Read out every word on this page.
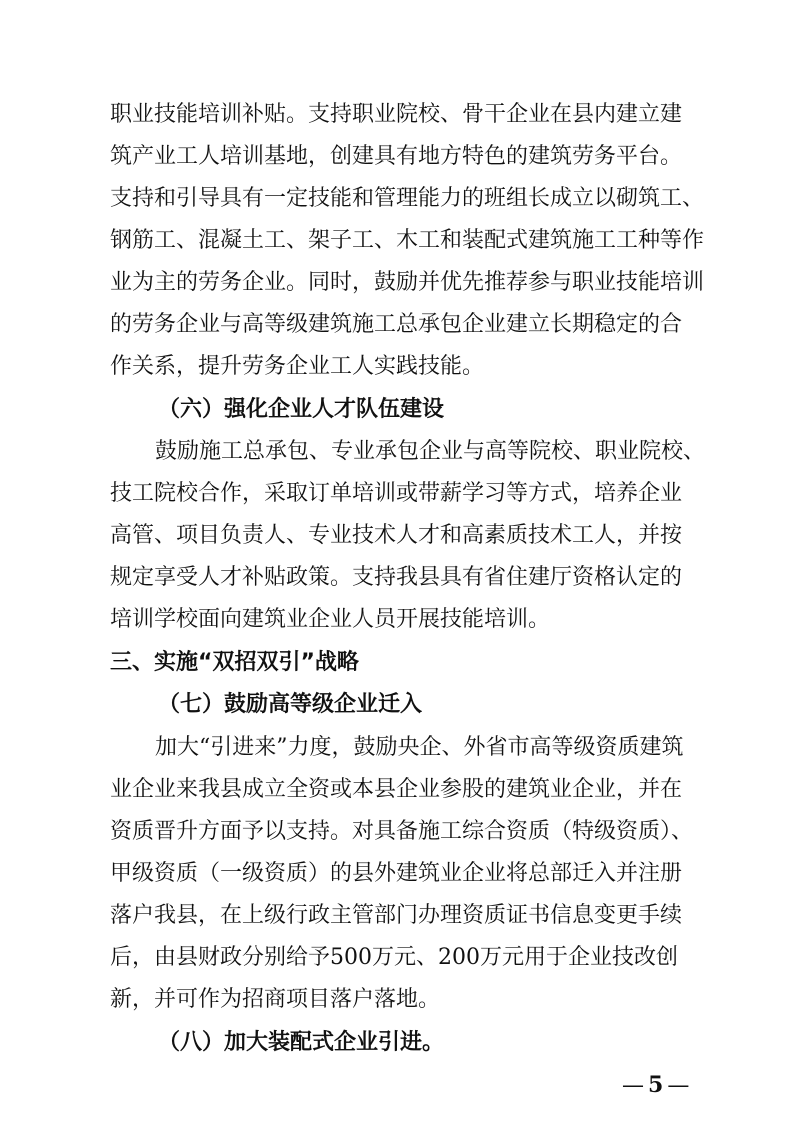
职业技能培训补贴。支持职业院校、骨干企业在县内建立建
筑产业工人培训基地，创建具有地方特色的建筑劳务平台。
支持和引导具有一定技能和管理能力的班组长成立以砌筑工、
钢筋工、混凝土工、架子工、木工和装配式建筑施工工种等作
业为主的劳务企业。同时，鼓励并优先推荐参与职业技能培训
的劳务企业与高等级建筑施工总承包企业建立长期稳定的合
作关系，提升劳务企业工人实践技能。
（六）强化企业人才队伍建设
鼓励施工总承包、专业承包企业与高等院校、职业院校、
技工院校合作，采取订单培训或带薪学习等方式，培养企业
高管、项目负责人、专业技术人才和高素质技术工人，并按
规定享受人才补贴政策。支持我县具有省住建厅资格认定的
培训学校面向建筑业企业人员开展技能培训。
三、实施“双招双引”战略
（七）鼓励高等级企业迁入
加大“引进来”力度，鼓励央企、外省市高等级资质建筑
业企业来我县成立全资或本县企业参股的建筑业企业，并在
资质晋升方面予以支持。对具备施工综合资质（特级资质）、
甲级资质（一级资质）的县外建筑业企业将总部迁入并注册
落户我县，在上级行政主管部门办理资质证书信息变更手续
后，由县财政分别给予500万元、200万元用于企业技改创
新，并可作为招商项目落户落地。
（八）加大装配式企业引进。
— 5 —
